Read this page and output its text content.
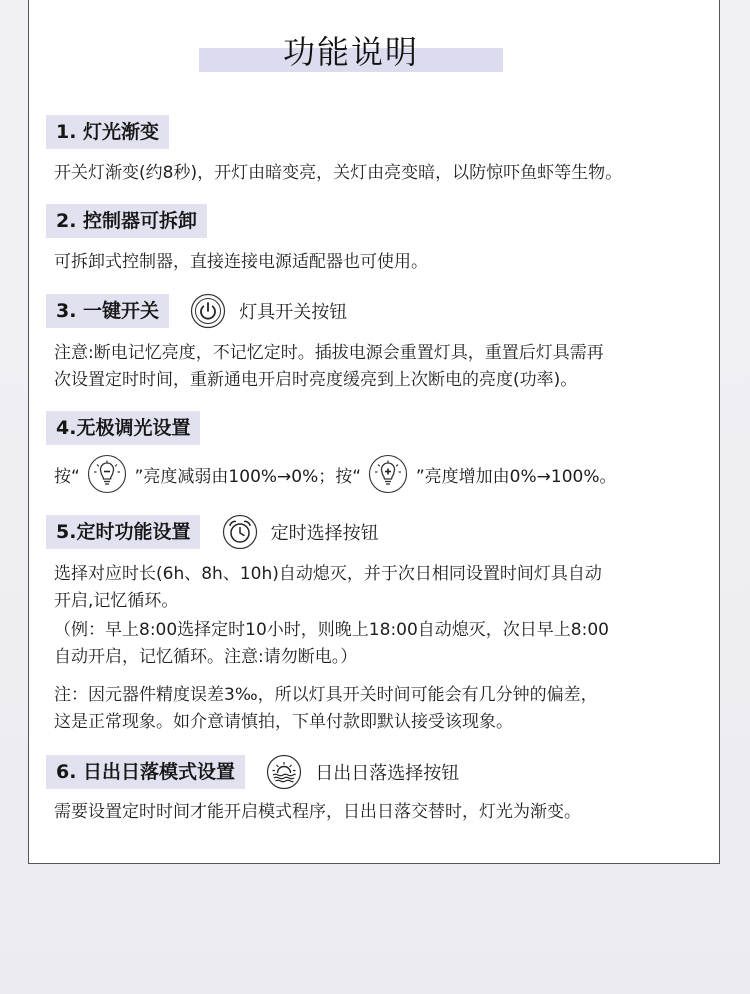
功能说明
1. 灯光渐变
开关灯渐变(约8秒)，开灯由暗变亮，关灯由亮变暗，以防惊吓鱼虾等生物。
2. 控制器可拆卸
可拆卸式控制器，直接连接电源适配器也可使用。
3. 一键开关	灯具开关按钮
注意:断电记忆亮度，不记忆定时。插拔电源会重置灯具，重置后灯具需再
次设置定时时间，重新通电开启时亮度缓亮到上次断电的亮度(功率)。
4.无极调光设置
按“	”亮度减弱由100%→0%；按“	”亮度增加由0%→100%。
5.定时功能设置	定时选择按钮
选择对应时长(6h、8h、10h)自动熄灭，并于次日相同设置时间灯具自动
开启,记忆循环。
（例：早上8:00选择定时10小时，则晚上18:00自动熄灭，次日早上8:00
自动开启，记忆循环。注意:请勿断电。）
注：因元器件精度误差3‰，所以灯具开关时间可能会有几分钟的偏差，
这是正常现象。如介意请慎拍，下单付款即默认接受该现象。
6. 日出日落模式设置	日出日落选择按钮
需要设置定时时间才能开启模式程序，日出日落交替时，灯光为渐变。
